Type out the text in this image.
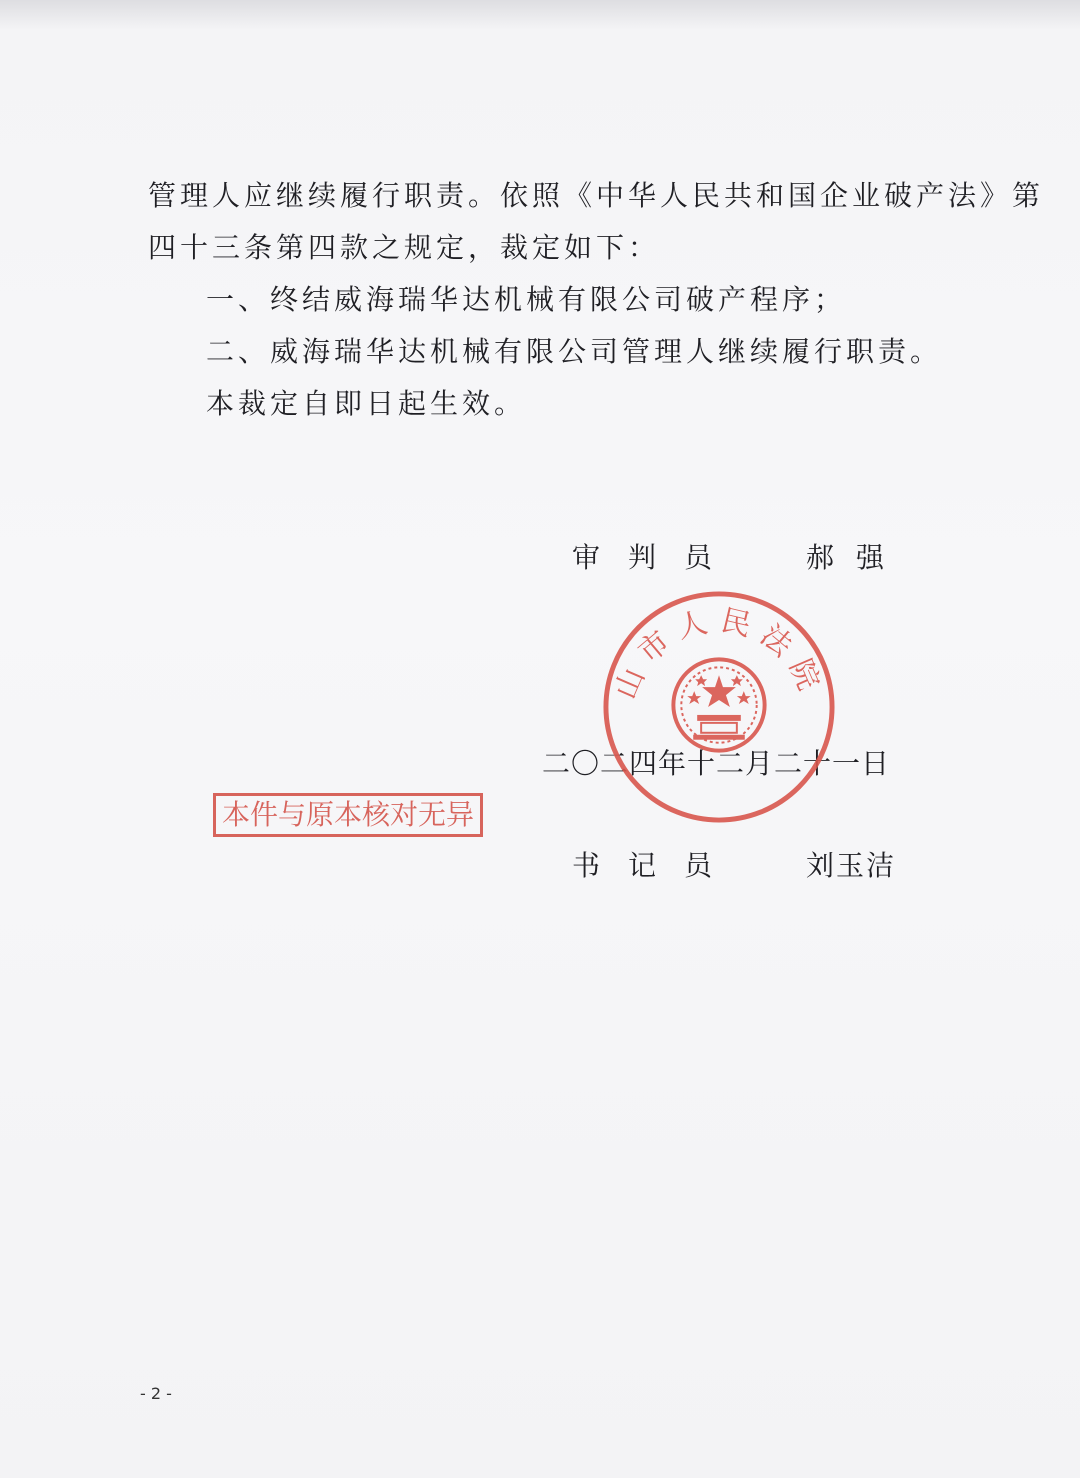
管理人应继续履行职责。依照《中华人民共和国企业破产法》第
四十三条第四款之规定，裁定如下：
一、终结威海瑞华达机械有限公司破产程序；
二、威海瑞华达机械有限公司管理人继续履行职责。
本裁定自即日起生效。
审判员 郝强
二〇二四年十二月二十一日
山市人民法院
本件与原本核对无异
书记员 刘玉洁
- 2 -
